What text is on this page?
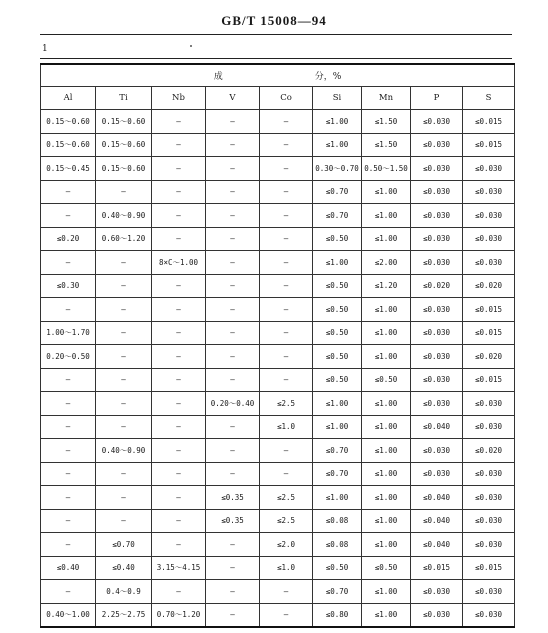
GB/T 15008—94
1
成 分，%								

Al	Ti	Nb	V	Co	Si	Mn	P	S
0.15～0.60	0.15～0.60	—	—	—	≤1.00	≤1.50	≤0.030	≤0.015
0.15～0.60	0.15～0.60	—	—	—	≤1.00	≤1.50	≤0.030	≤0.015
0.15～0.45	0.15～0.60	—	—	—	0.30～0.70	0.50～1.50	≤0.030	≤0.030
—	—	—	—	—	≤0.70	≤1.00	≤0.030	≤0.030
—	0.40～0.90	—	—	—	≤0.70	≤1.00	≤0.030	≤0.030
≤0.20	0.60～1.20	—	—	—	≤0.50	≤1.00	≤0.030	≤0.030
—	—	8×C～1.00	—	—	≤1.00	≤2.00	≤0.030	≤0.030
≤0.30	—	—	—	—	≤0.50	≤1.20	≤0.020	≤0.020
—	—	—	—	—	≤0.50	≤1.00	≤0.030	≤0.015
1.00～1.70	—	—	—	—	≤0.50	≤1.00	≤0.030	≤0.015
0.20～0.50	—	—	—	—	≤0.50	≤1.00	≤0.030	≤0.020
—	—	—	—	—	≤0.50	≤0.50	≤0.030	≤0.015
—	—	—	0.20～0.40	≤2.5	≤1.00	≤1.00	≤0.030	≤0.030
—	—	—	—	≤1.0	≤1.00	≤1.00	≤0.040	≤0.030
—	0.40～0.90	—	—	—	≤0.70	≤1.00	≤0.030	≤0.020
—	—	—	—	—	≤0.70	≤1.00	≤0.030	≤0.030
—	—	—	≤0.35	≤2.5	≤1.00	≤1.00	≤0.040	≤0.030
—	—	—	≤0.35	≤2.5	≤0.08	≤1.00	≤0.040	≤0.030
—	≤0.70	—	—	≤2.0	≤0.08	≤1.00	≤0.040	≤0.030
≤0.40	≤0.40	3.15～4.15	—	≤1.0	≤0.50	≤0.50	≤0.015	≤0.015
—	0.4～0.9	—	—	—	≤0.70	≤1.00	≤0.030	≤0.030
0.40～1.00	2.25～2.75	0.70～1.20	—	—	≤0.80	≤1.00	≤0.030	≤0.030
